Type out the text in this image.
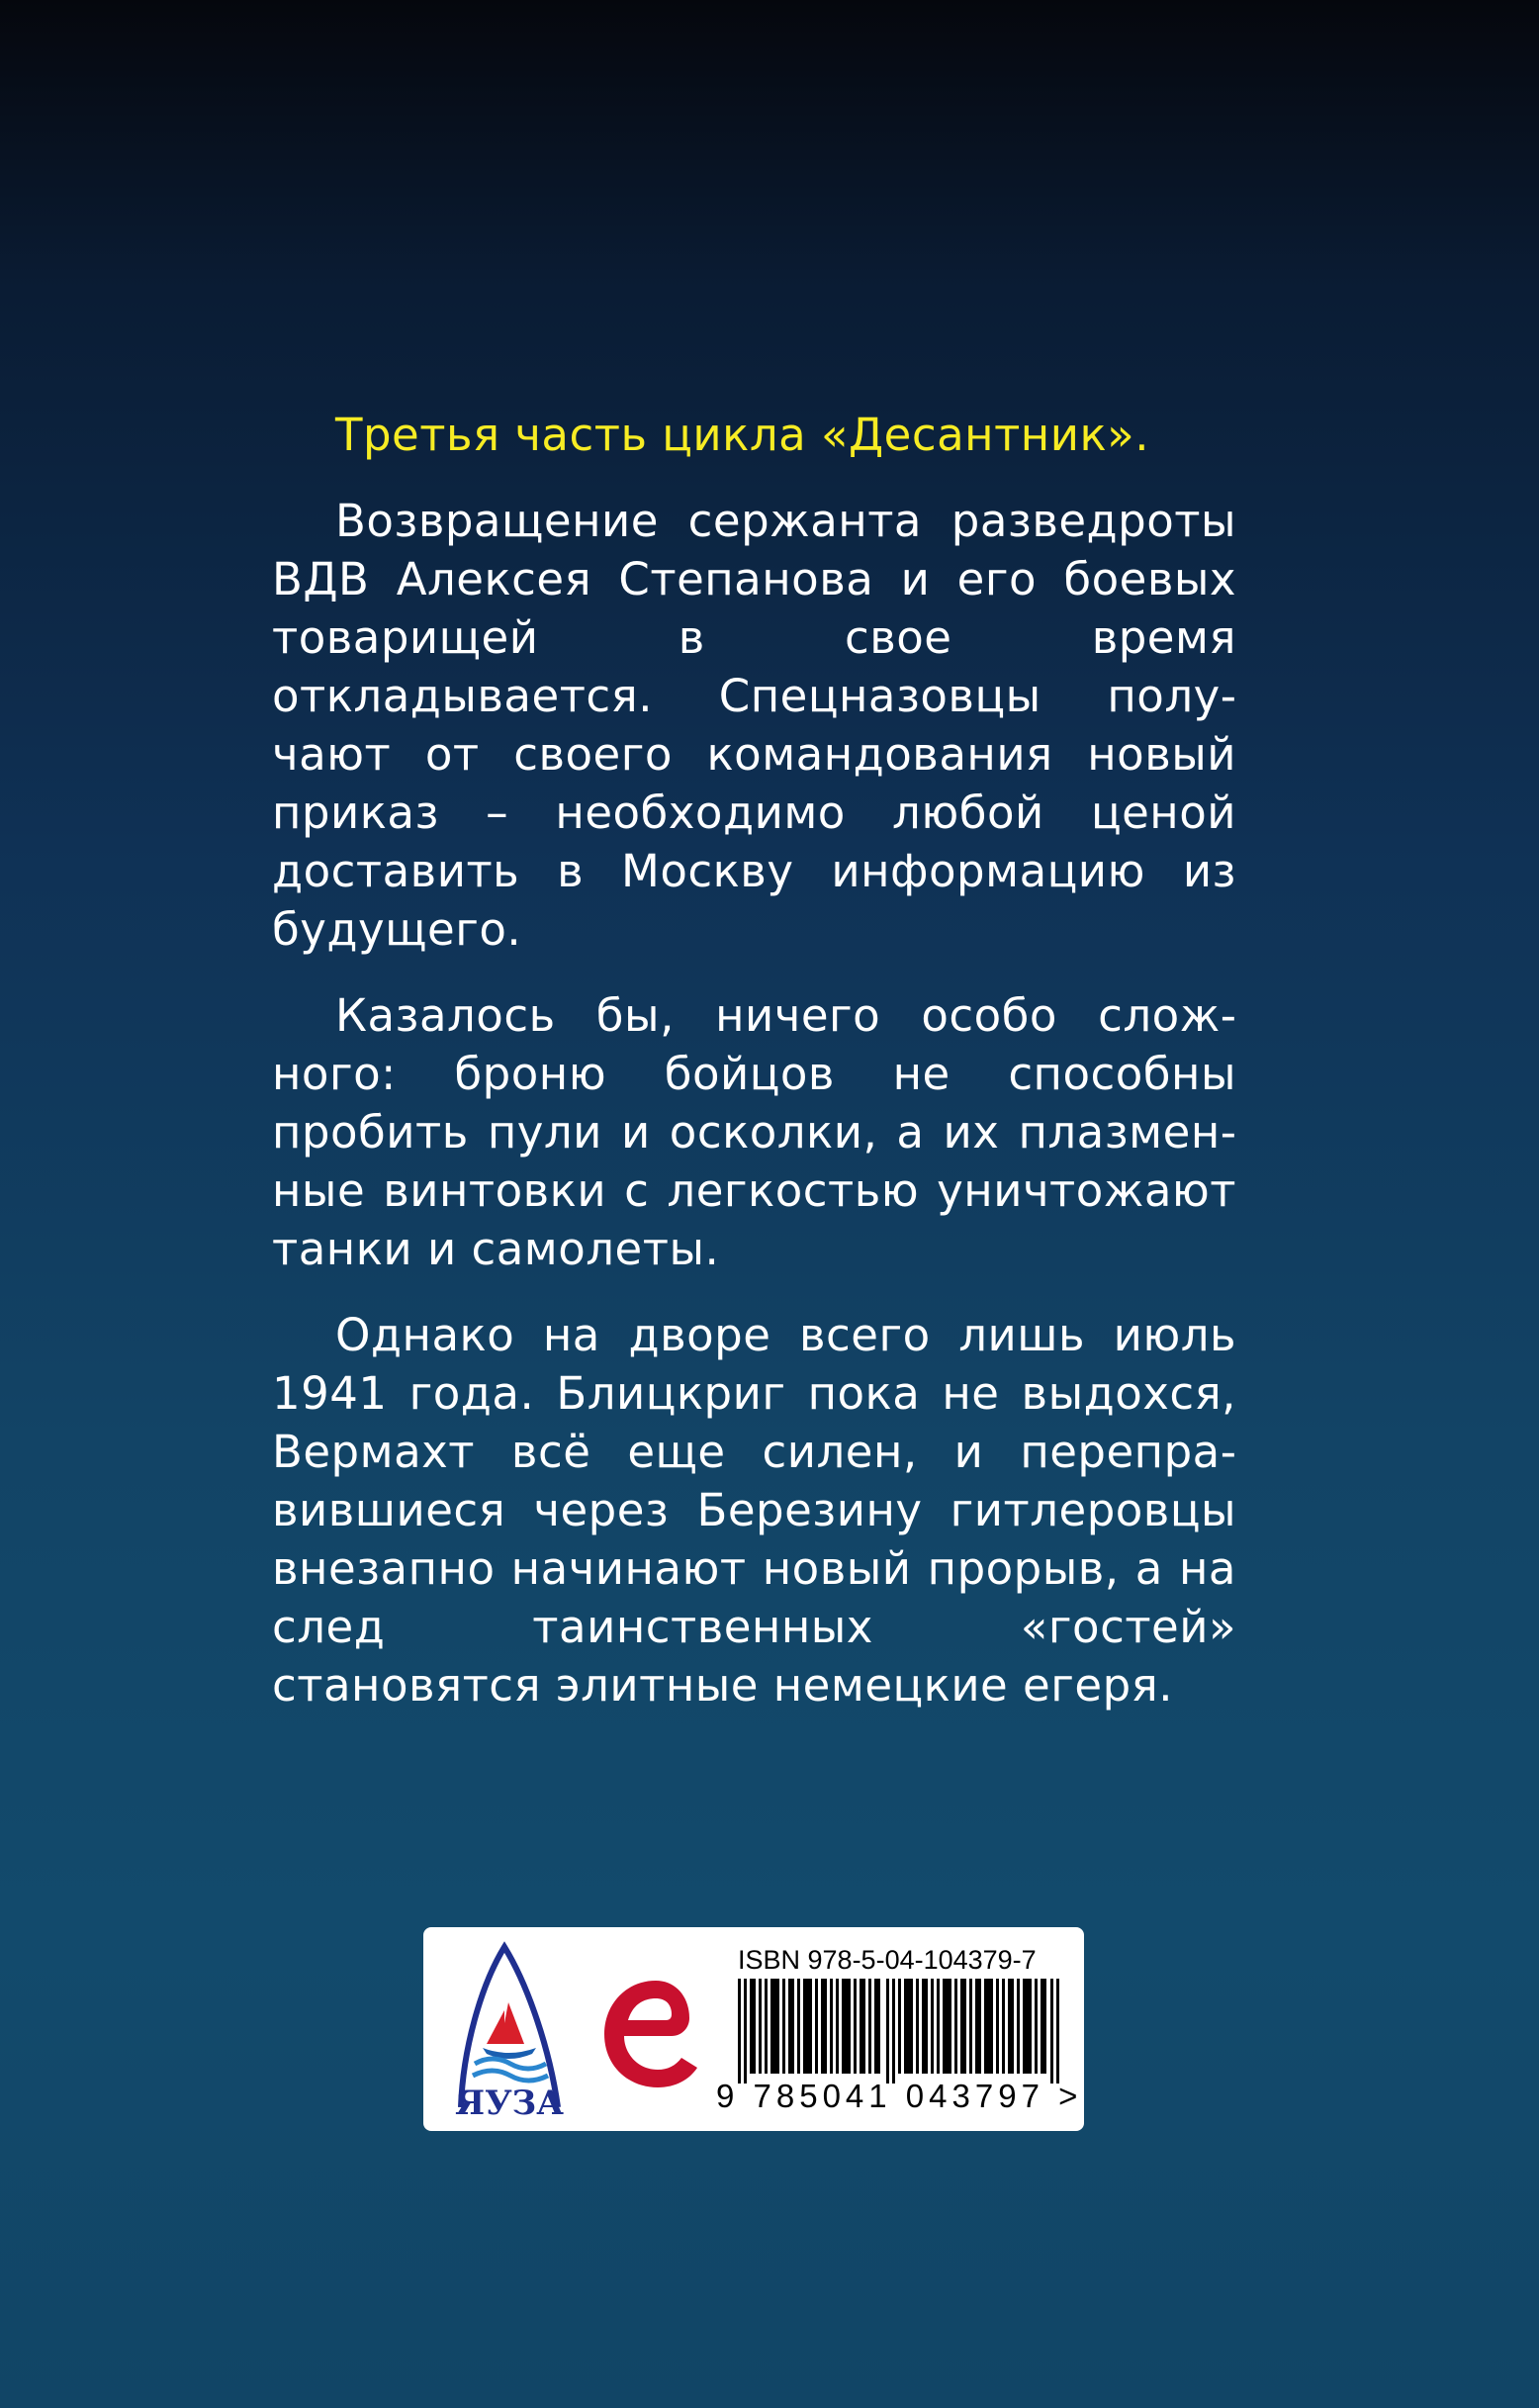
Третья часть цикла «Десантник».

Возвращение сержанта разведроты ВДВ Алексея Степанова и его боевых товарищей в свое время откладывается. Спецназовцы получают от своего командования новый приказ – необходимо любой ценой доставить в Москву информацию из будущего.

Казалось бы, ничего особо сложного: броню бойцов не способны пробить пули и осколки, а их плазменные винтовки с легкостью уничтожают танки и самолеты.

Однако на дворе всего лишь июль 1941 года. Блицкриг пока не выдохся, Вермахт всё еще силен, и переправившиеся через Березину гитлеровцы внезапно начинают новый прорыв, а на след таинственных «гостей» становятся элитные немецкие егеря.

ЯУЗА
ISBN 978-5-04-104379-7
9 785041 043797 >
